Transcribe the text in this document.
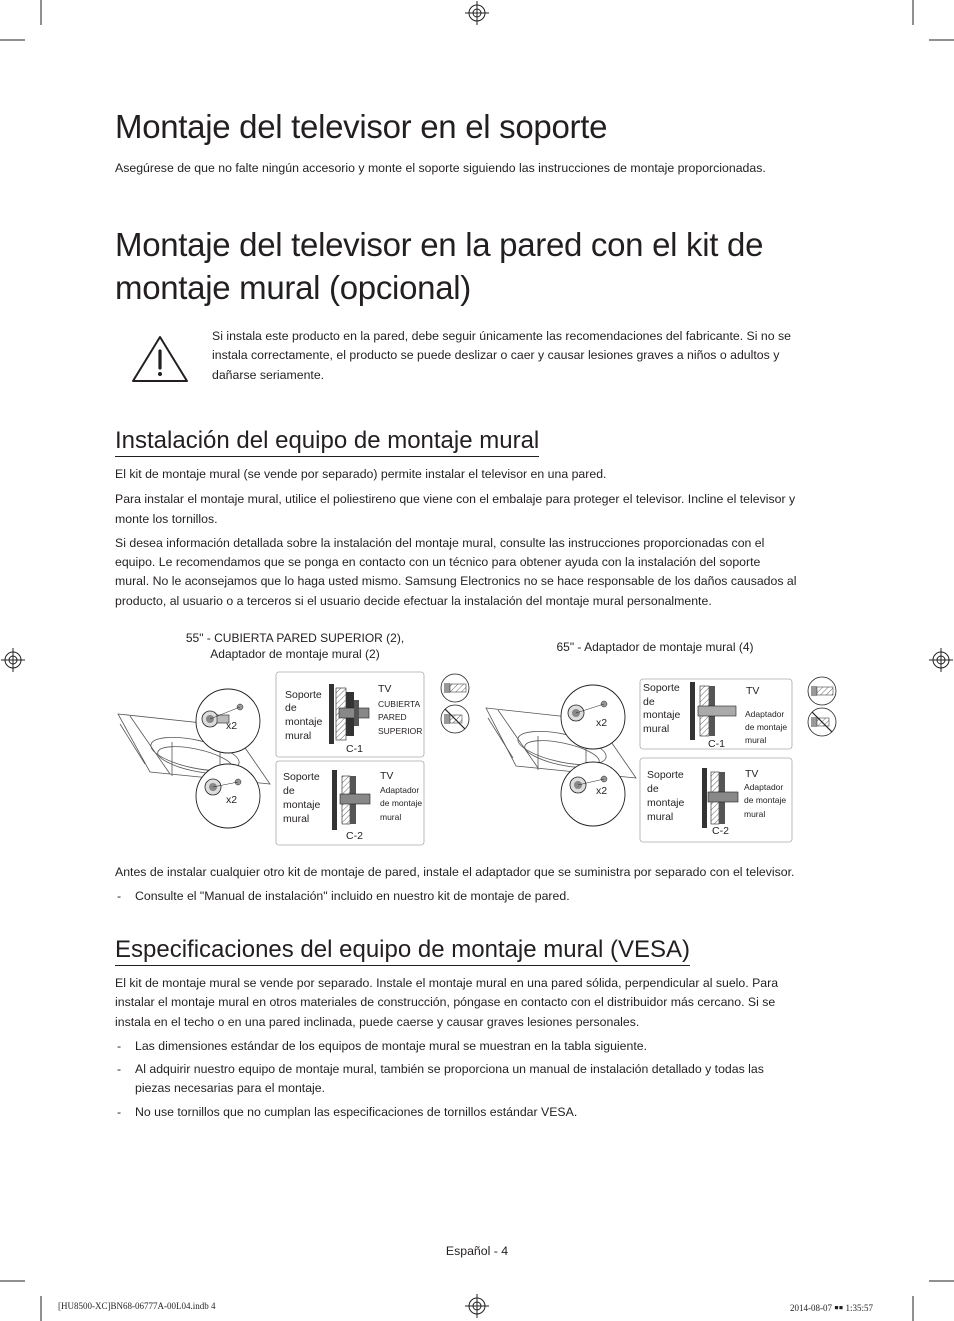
Montaje del televisor en el soporte

Asegúrese de que no falte ningún accesorio y monte el soporte siguiendo las instrucciones de montaje proporcionadas.

Montaje del televisor en la pared con el kit de
montaje mural (opcional)

Si instala este producto en la pared, debe seguir únicamente las recomendaciones del fabricante. Si no se

instala correctamente, el producto se puede deslizar o caer y causar lesiones graves a niños o adultos y

dañarse seriamente.

Instalación del equipo de montaje mural

El kit de montaje mural (se vende por separado) permite instalar el televisor en una pared.

Para instalar el montaje mural, utilice el poliestireno que viene con el embalaje para proteger el televisor. Incline el televisor y

monte los tornillos.

Si desea información detallada sobre la instalación del montaje mural, consulte las instrucciones proporcionadas con el

equipo. Le recomendamos que se ponga en contacto con un técnico para obtener ayuda con la instalación del soporte

mural. No le aconsejamos que lo haga usted mismo. Samsung Electronics no se hace responsable de los daños causados al

producto, al usuario o a terceros si el usuario decide efectuar la instalación del montaje mural personalmente.

55" - CUBIERTA PARED SUPERIOR (2),
Adaptador de montaje mural (2)	65" - Adaptador de montaje mural (4)
x2
x2
Soporte
de
montaje
mural
TV
CUBIERTA
PARED
SUPERIOR
C-1
Soporte
de
montaje
mural
TV
Adaptador
de montaje
mural
C-2
x2
x2
Soporte
de
montaje
mural
TV
Adaptador
de montaje
mural
C-1
Soporte
de
montaje
mural
TV
Adaptador
de montaje
mural
C-2

Antes de instalar cualquier otro kit de montaje de pared, instale el adaptador que se suministra por separado con el televisor.

- Consulte el "Manual de instalación" incluido en nuestro kit de montaje de pared.

Especificaciones del equipo de montaje mural (VESA)

El kit de montaje mural se vende por separado. Instale el montaje mural en una pared sólida, perpendicular al suelo. Para

instalar el montaje mural en otros materiales de construcción, póngase en contacto con el distribuidor más cercano. Si se

instala en el techo o en una pared inclinada, puede caerse y causar graves lesiones personales.

- Las dimensiones estándar de los equipos de montaje mural se muestran en la tabla siguiente.

- Al adquirir nuestro equipo de montaje mural, también se proporciona un manual de instalación detallado y todas las

piezas necesarias para el montaje.

- No use tornillos que no cumplan las especificaciones de tornillos estándar VESA.

Español - 4
[HU8500-XC]BN68-06777A-00L04.indb 4	2014-08-07 ￭￭ 1:35:57
